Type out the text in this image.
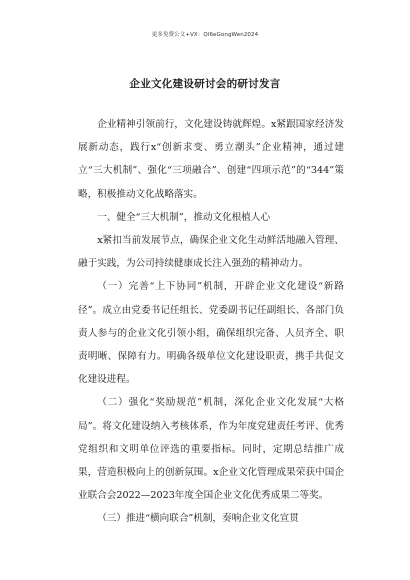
更多免费公文+VX：Ql6eGongWen2024
企业文化建设研讨会的研讨发言

企业精神引领前行，文化建设铸就辉煌。x紧跟国家经济发展新动态，践行x“创新求变、勇立潮头”企业精神，通过建立“三大机制”、强化“三项融合”、创建“四项示范”的“344”策略，积极推动文化战略落实。

一、健全“三大机制”，推动文化根植人心

x紧扣当前发展节点，确保企业文化生动鲜活地融入管理、融于实践，为公司持续健康成长注入强劲的精神动力。

（一）完善“上下协同”机制，开辟企业文化建设“新路径”。成立由党委书记任组长、党委副书记任副组长、各部门负责人参与的企业文化引领小组，确保组织完备、人员齐全、职责明晰、保障有力。明确各级单位文化建设职责，携手共促文化建设进程。

（二）强化“奖励规范”机制，深化企业文化发展“大格局”。将文化建设纳入考核体系，作为年度党建责任考评、优秀党组织和文明单位评选的重要指标。同时，定期总结推广成果，营造积极向上的创新氛围。x企业文化管理成果荣获中国企业联合会2022—2023年度全国企业文化优秀成果二等奖。

（三）推进“横向联合”机制，奏响企业文化宣贯
